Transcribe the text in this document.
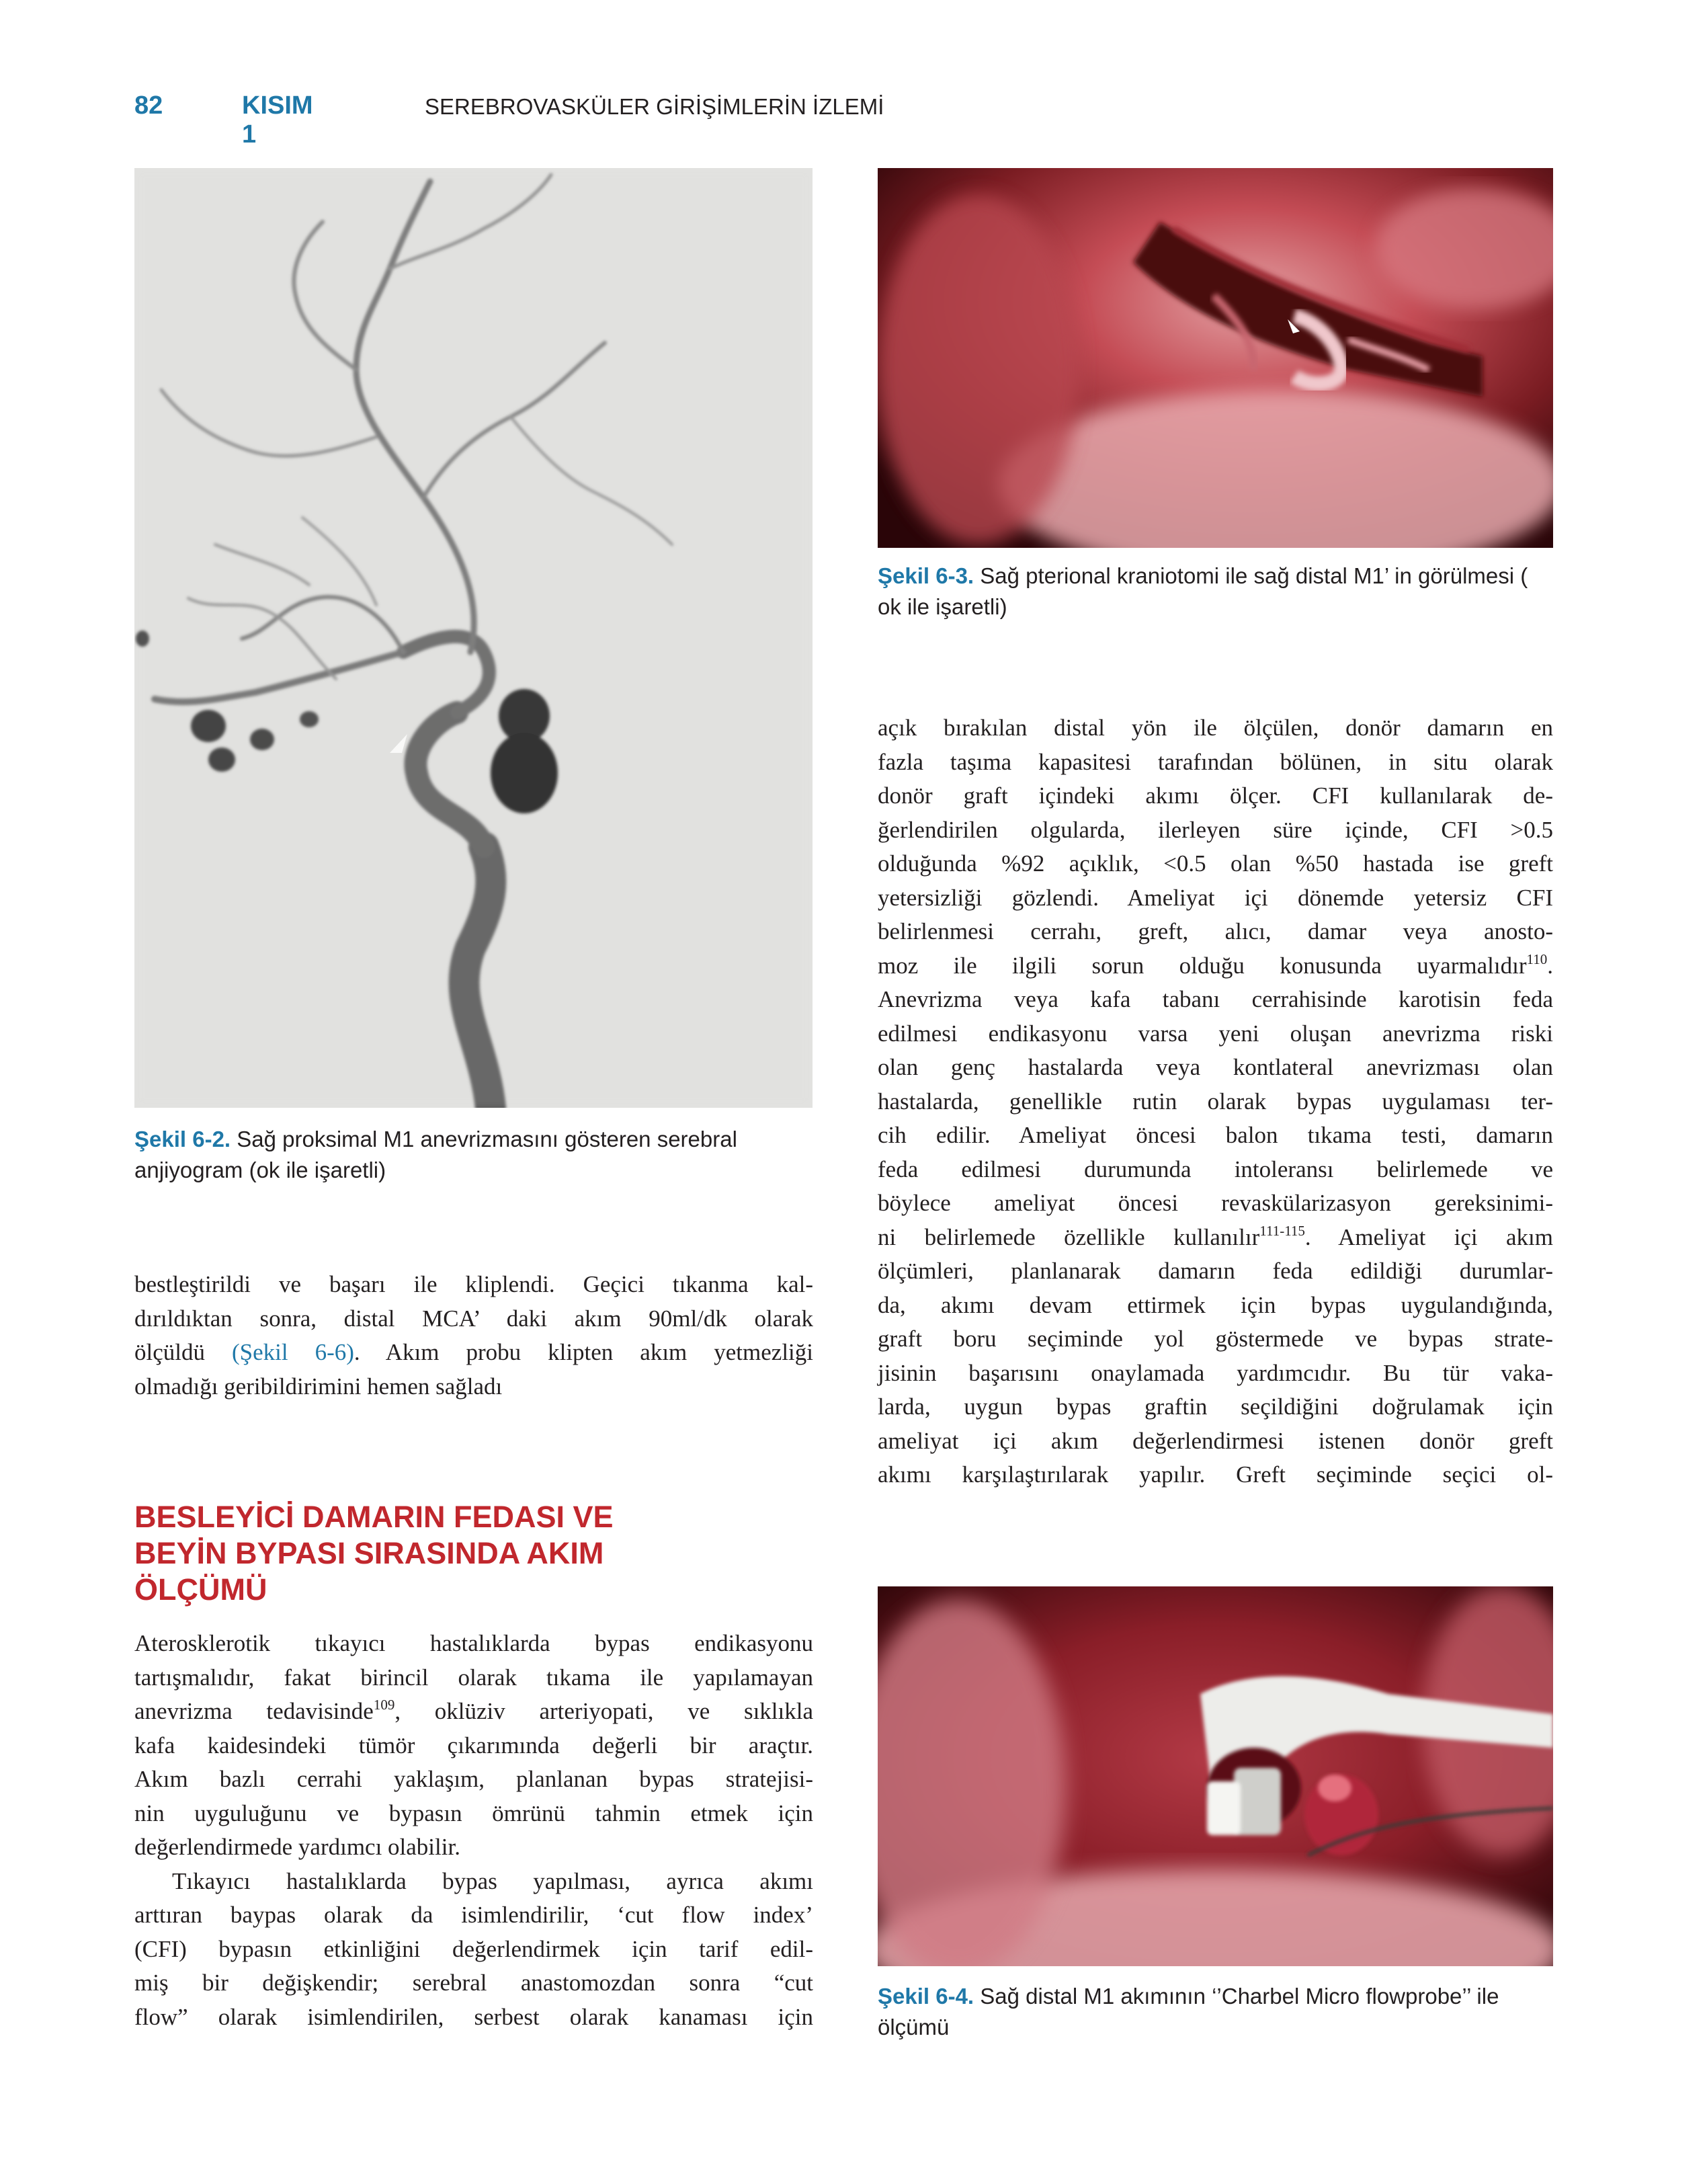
82	KISIM 1
SEREBROVASKÜLER GİRİŞİMLERİN İZLEMİ
Şekil 6-2. Sağ proksimal M1 anevrizmasını gösteren serebral anjiyogram (ok ile işaretli)
Şekil 6-3. Sağ pterional kraniotomi ile sağ distal M1’ in görülmesi ( ok ile işaretli)
Şekil 6-4. Sağ distal M1 akımının ‘’Charbel Micro flowprobe’’ ile ölçümü
bestleştirildi ve başarı ile kliplendi. Geçici tıkanma kal-
dırıldıktan sonra, distal MCA’ daki akım 90ml/dk olarak
ölçüldü (Şekil 6-6). Akım probu klipten akım yetmezliği
olmadığı geribildirimini hemen sağladı
BESLEYİCİ DAMARIN FEDASI VE
BEYİN BYPASI SIRASINDA AKIM
ÖLÇÜMÜ
Aterosklerotik tıkayıcı hastalıklarda bypas endikasyonu
tartışmalıdır, fakat birincil olarak tıkama ile yapılamayan
anevrizma tedavisinde$^{109}$, oklüziv arteriyopati, ve sıklıkla
kafa kaidesindeki tümör çıkarımında değerli bir araçtır.
Akım bazlı cerrahi yaklaşım, planlanan bypas stratejisi-
nin uyguluğunu ve bypasın ömrünü tahmin etmek için
değerlendirmede yardımcı olabilir.
Tıkayıcı hastalıklarda bypas yapılması, ayrıca akımı
arttıran baypas olarak da isimlendirilir, ‘cut flow index’
(CFI) bypasın etkinliğini değerlendirmek için tarif edil-
miş bir değişkendir; serebral anastomozdan sonra “cut
flow” olarak isimlendirilen, serbest olarak kanaması için
açık bırakılan distal yön ile ölçülen, donör damarın en
fazla taşıma kapasitesi tarafından bölünen, in situ olarak
donör graft içindeki akımı ölçer. CFI kullanılarak de-
ğerlendirilen olgularda, ilerleyen süre içinde, CFI >0.5
olduğunda %92 açıklık, <0.5 olan %50 hastada ise greft
yetersizliği gözlendi. Ameliyat içi dönemde yetersiz CFI
belirlenmesi cerrahı, greft, alıcı, damar veya anosto-
moz ile ilgili sorun olduğu konusunda uyarmalıdır$^{110}$.
Anevrizma veya kafa tabanı cerrahisinde karotisin feda
edilmesi endikasyonu varsa yeni oluşan anevrizma riski
olan genç hastalarda veya kontlateral anevrizması olan
hastalarda, genellikle rutin olarak bypas uygulaması ter-
cih edilir. Ameliyat öncesi balon tıkama testi, damarın
feda edilmesi durumunda intoleransı belirlemede ve
böylece ameliyat öncesi revaskülarizasyon gereksinimi-
ni belirlemede özellikle kullanılır$^{111-115}$. Ameliyat içi akım
ölçümleri, planlanarak damarın feda edildiği durumlar-
da, akımı devam ettirmek için bypas uygulandığında,
graft boru seçiminde yol göstermede ve bypas strate-
jisinin başarısını onaylamada yardımcıdır. Bu tür vaka-
larda, uygun bypas graftin seçildiğini doğrulamak için
ameliyat içi akım değerlendirmesi istenen donör greft
akımı karşılaştırılarak yapılır. Greft seçiminde seçici ol-
